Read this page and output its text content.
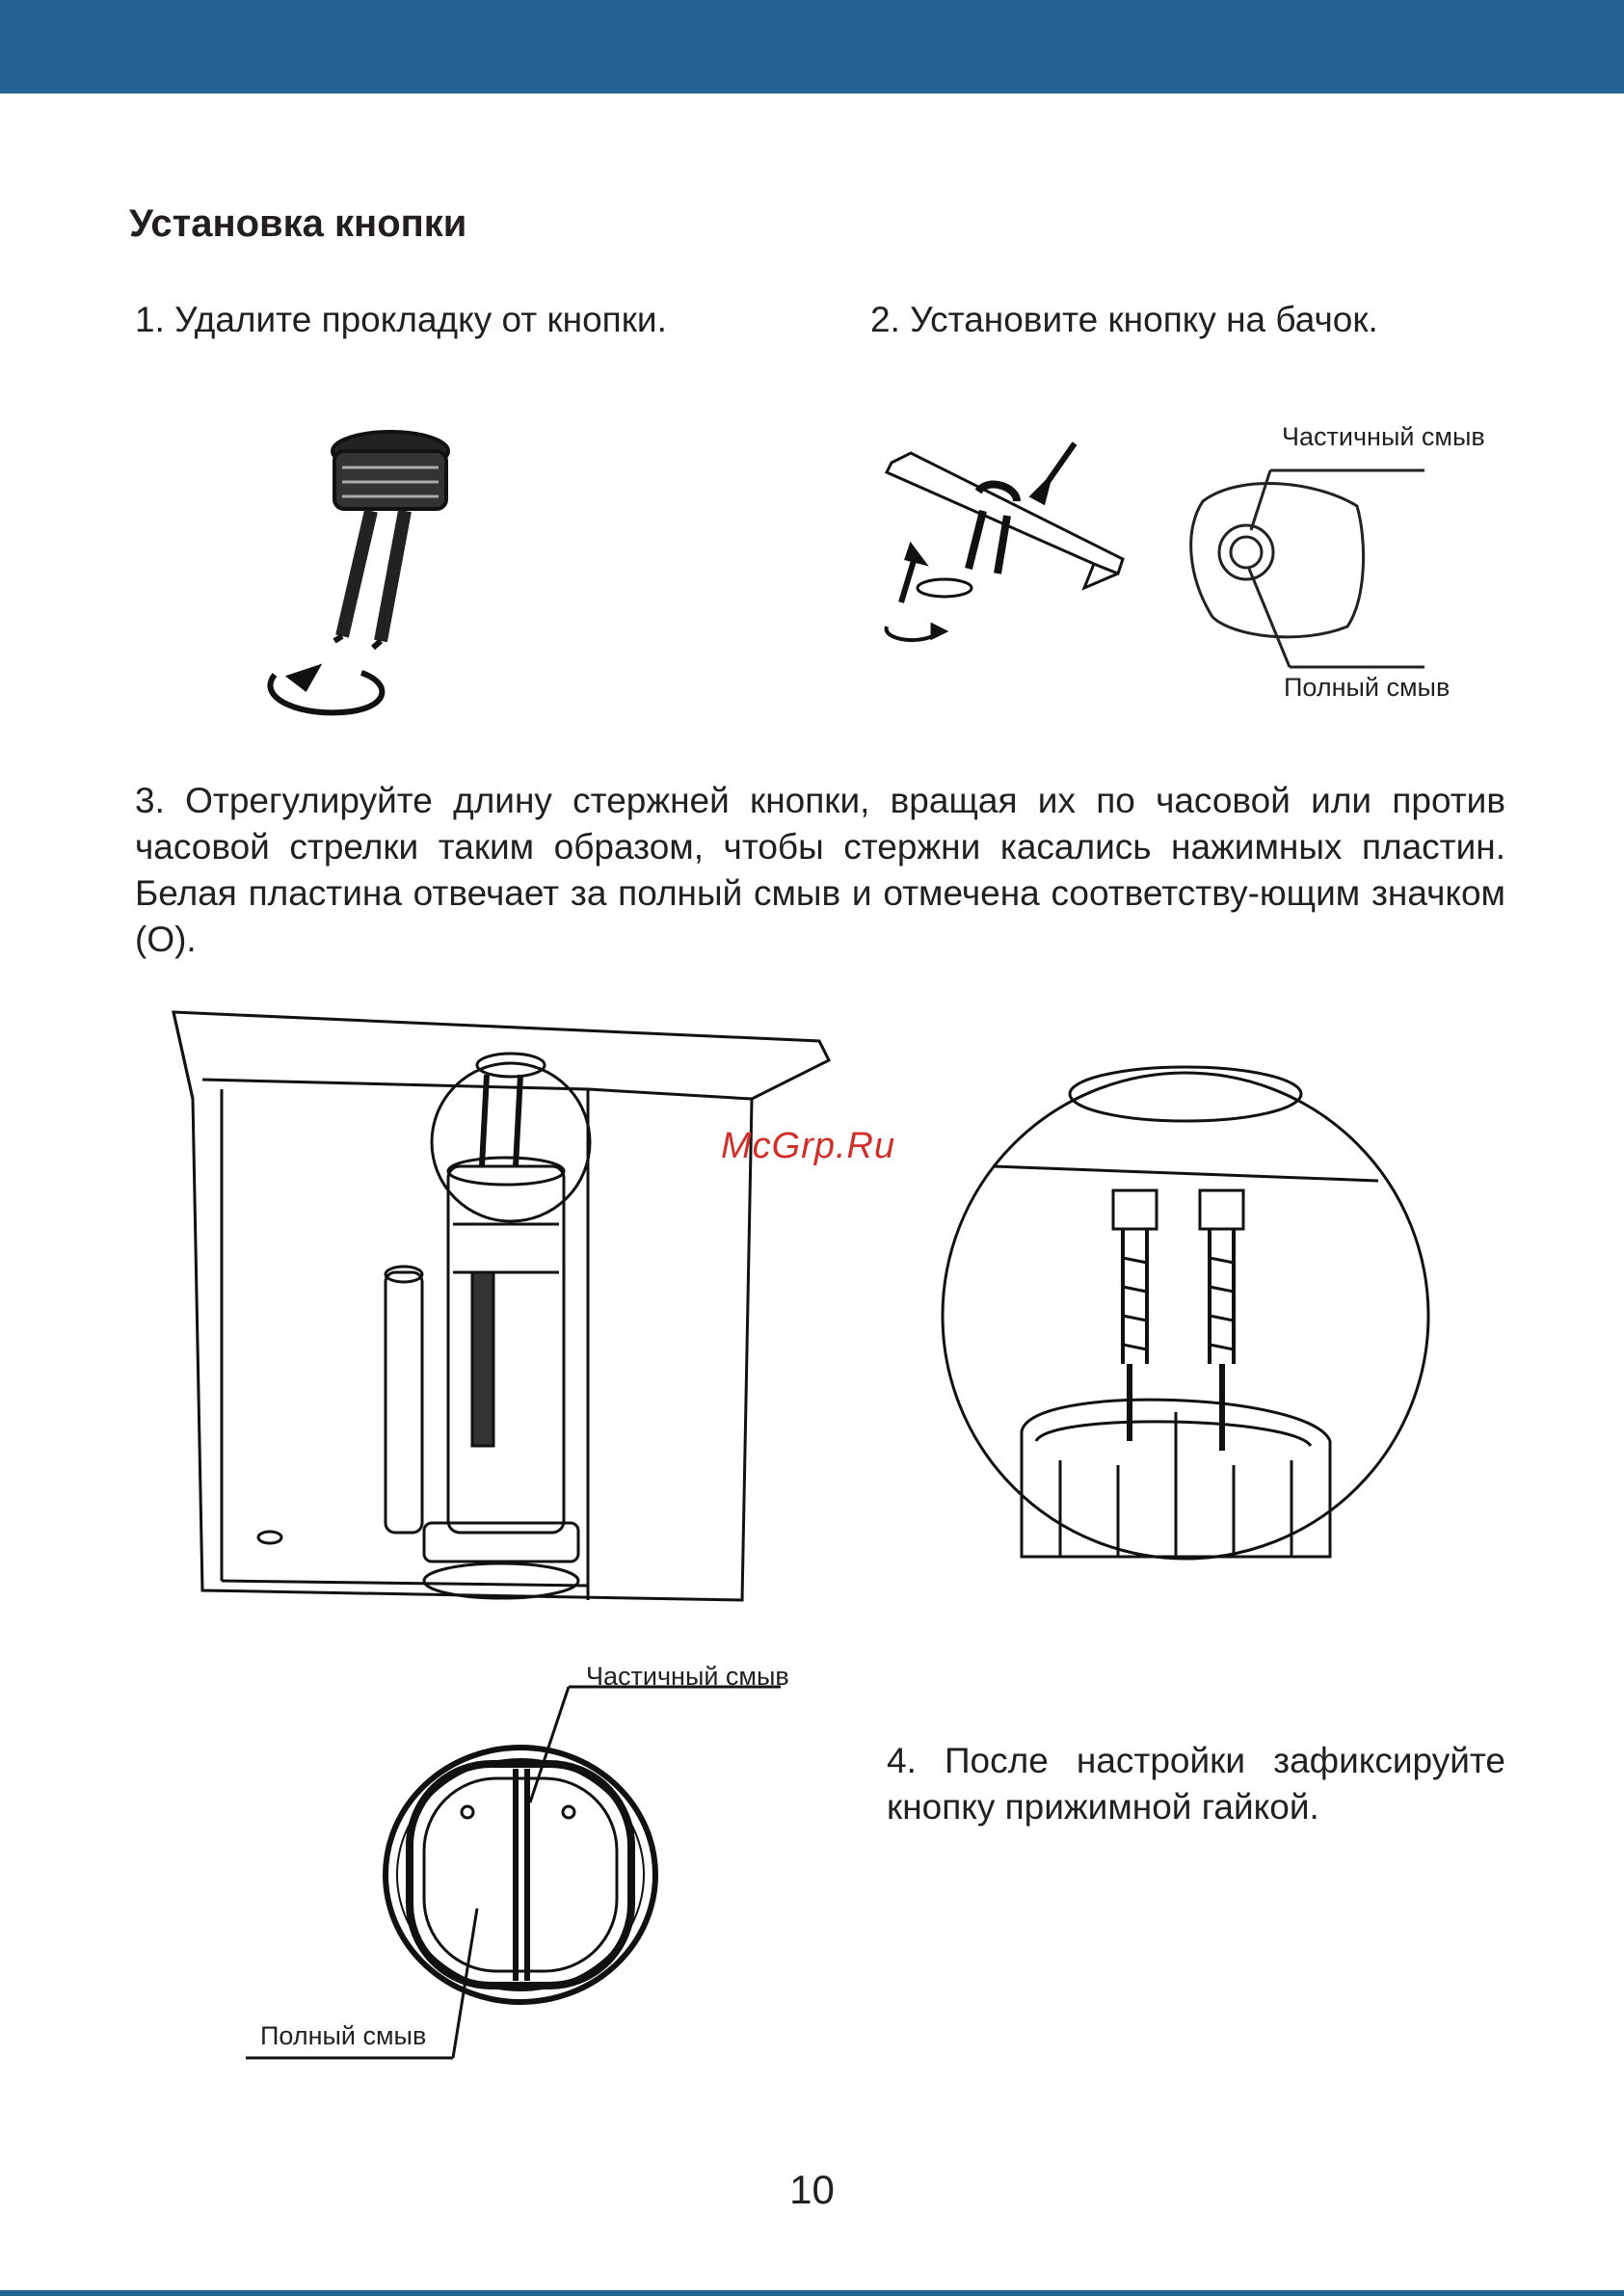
Установка кнопки

1. Удалите прокладку от кнопки.	2. Установите кнопку на бачок.

Частичный смыв
Полный смыв

3. Отрегулируйте длину стержней кнопки, вращая их по часовой или против часовой стрелки таким образом, чтобы стержни касались нажимных пластин. Белая пластина отвечает за полный смыв и отмечена соответству-ющим значком (О).

McGrp.Ru
Частичный смыв
Полный смыв

4. После настройки зафиксируйте кнопку прижимной гайкой.

10
